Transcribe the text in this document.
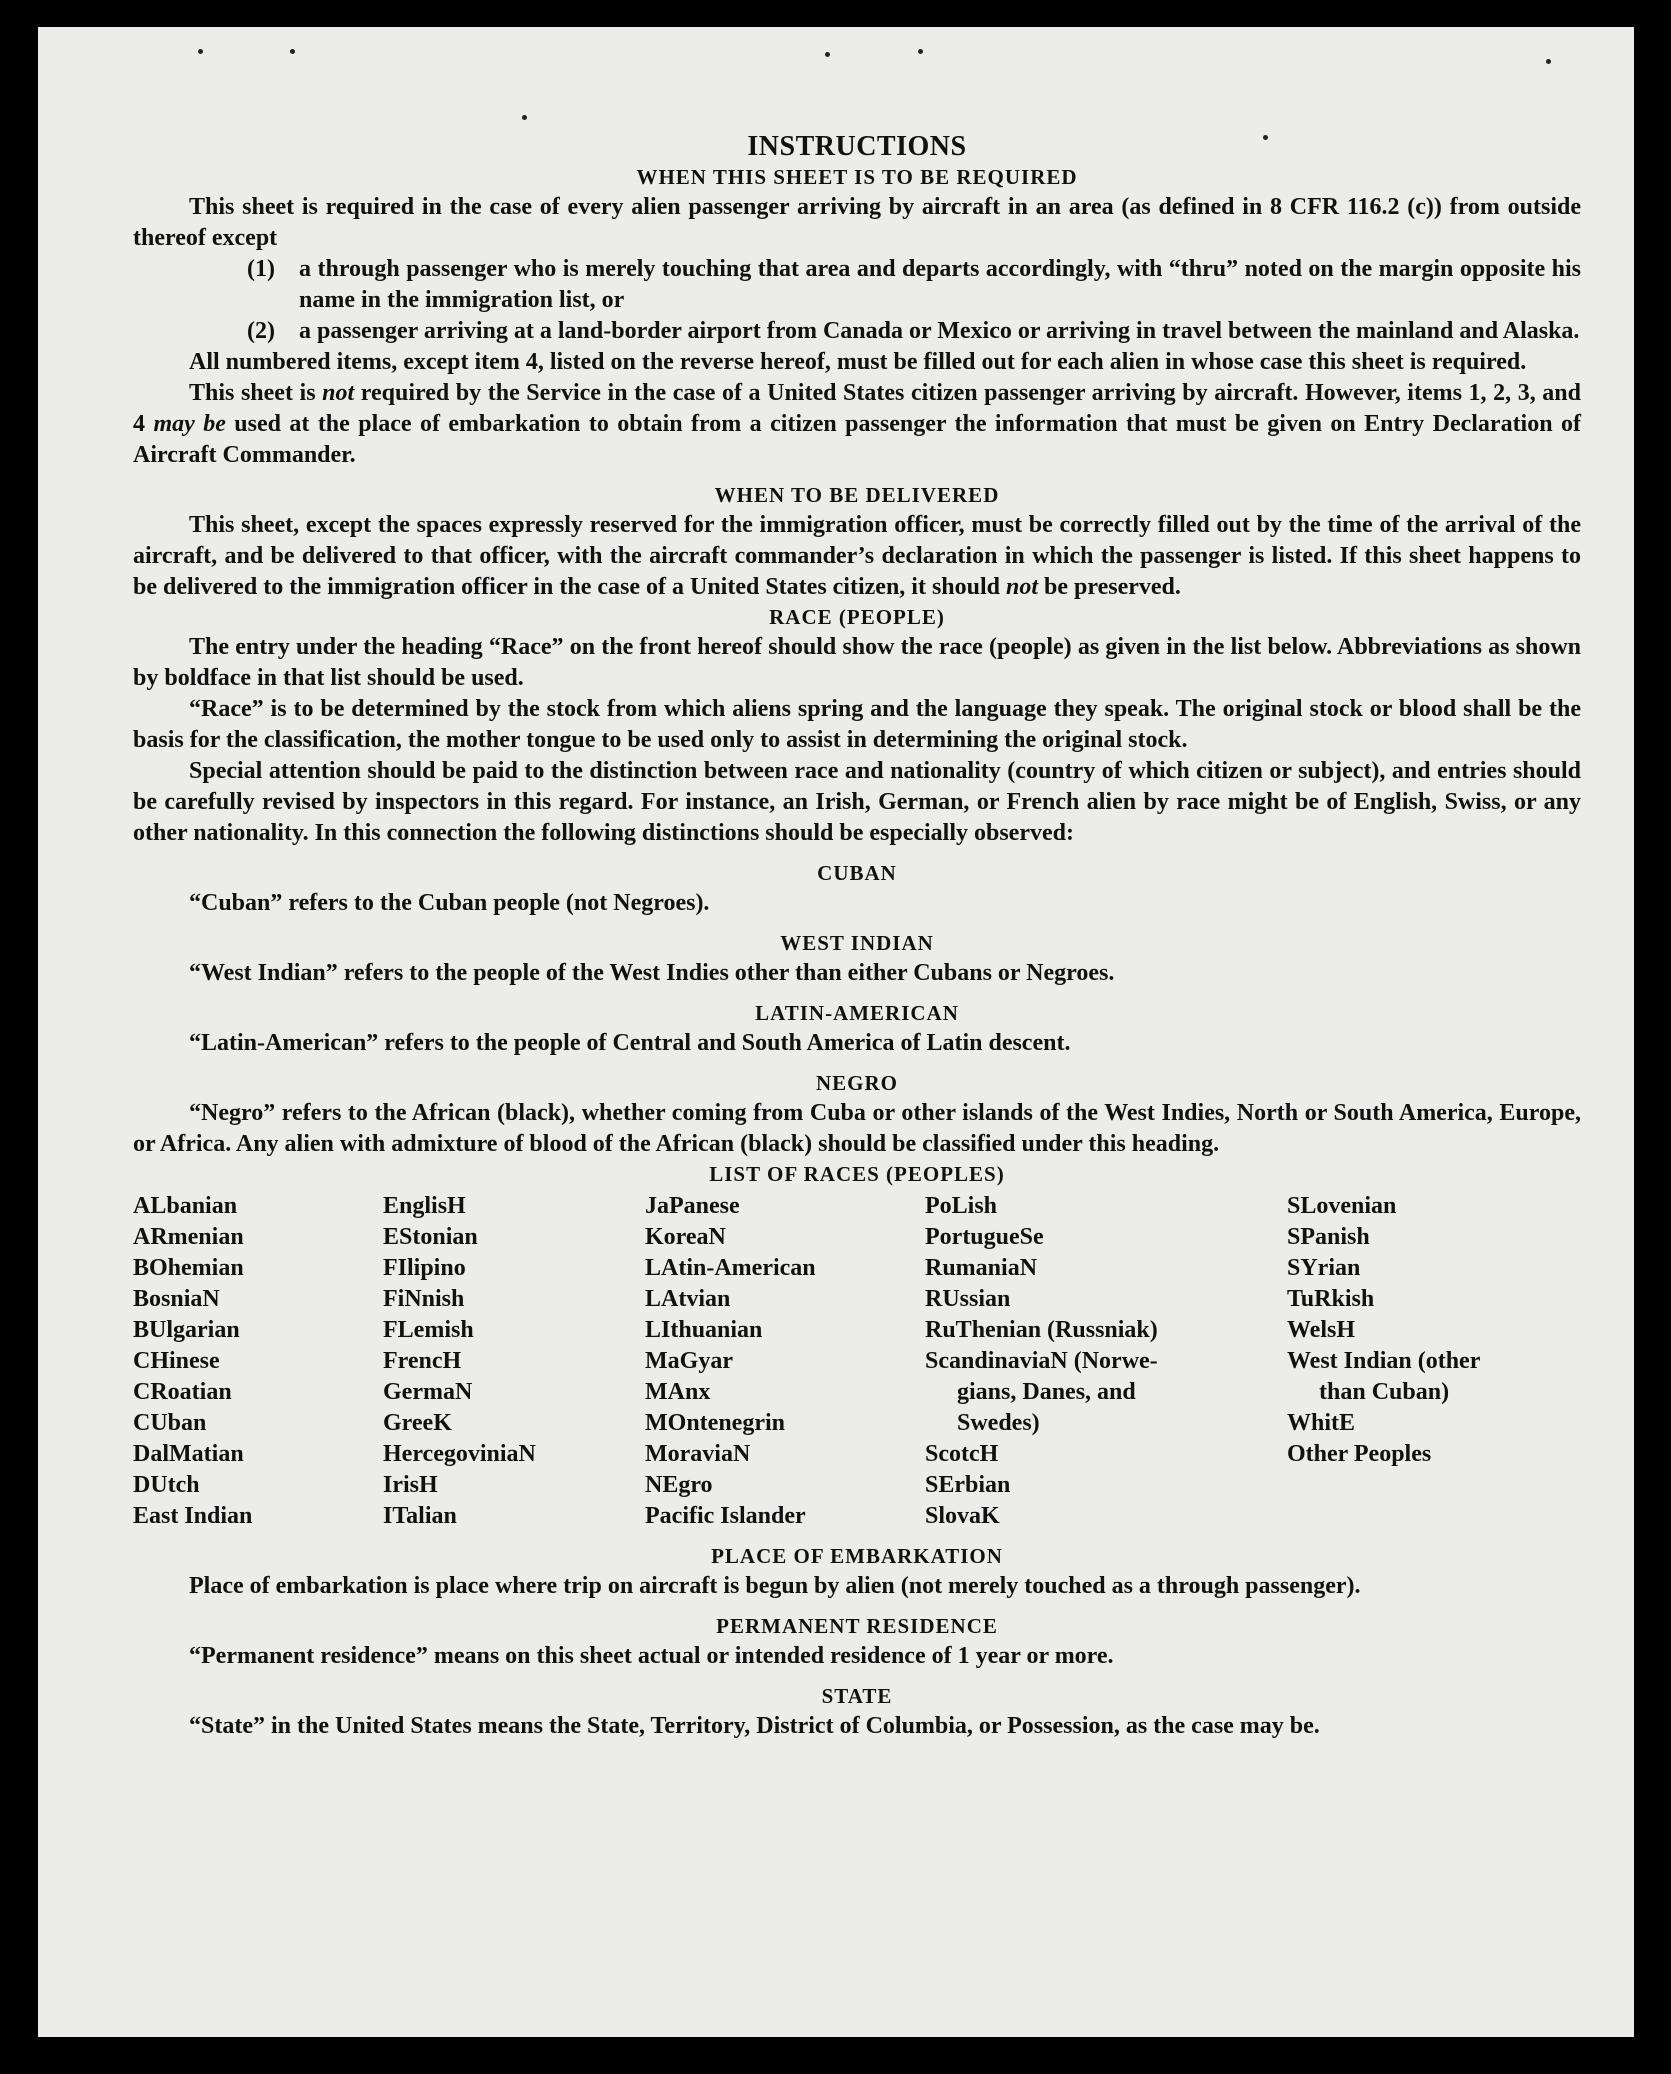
INSTRUCTIONS

WHEN THIS SHEET IS TO BE REQUIRED

This sheet is required in the case of every alien passenger arriving by aircraft in an area (as defined in 8 CFR 116.2 (c)) from outside thereof except

(1)	a through passenger who is merely touching that area and departs accordingly, with “thru” noted on the margin opposite his name in the immigration list, or
(2)	a passenger arriving at a land-border airport from Canada or Mexico or arriving in travel between the mainland and Alaska.

All numbered items, except item 4, listed on the reverse hereof, must be filled out for each alien in whose case this sheet is required.

This sheet is not required by the Service in the case of a United States citizen passenger arriving by aircraft. However, items 1, 2, 3, and 4 may be used at the place of embarkation to obtain from a citizen passenger the information that must be given on Entry Declaration of Aircraft Commander.

WHEN TO BE DELIVERED

This sheet, except the spaces expressly reserved for the immigration officer, must be correctly filled out by the time of the arrival of the aircraft, and be delivered to that officer, with the aircraft commander’s declaration in which the passenger is listed. If this sheet happens to be delivered to the immigration officer in the case of a United States citizen, it should not be preserved.

RACE (PEOPLE)

The entry under the heading “Race” on the front hereof should show the race (people) as given in the list below. Abbreviations as shown by boldface in that list should be used.

“Race” is to be determined by the stock from which aliens spring and the language they speak. The original stock or blood shall be the basis for the classification, the mother tongue to be used only to assist in determining the original stock.

Special attention should be paid to the distinction between race and nationality (country of which citizen or subject), and entries should be carefully revised by inspectors in this regard. For instance, an Irish, German, or French alien by race might be of English, Swiss, or any other nationality. In this connection the following distinctions should be especially observed:

CUBAN

“Cuban” refers to the Cuban people (not Negroes).

WEST INDIAN

“West Indian” refers to the people of the West Indies other than either Cubans or Negroes.

LATIN-AMERICAN

“Latin-American” refers to the people of Central and South America of Latin descent.

NEGRO

“Negro” refers to the African (black), whether coming from Cuba or other islands of the West Indies, North or South America, Europe, or Africa. Any alien with admixture of blood of the African (black) should be classified under this heading.

LIST OF RACES (PEOPLES)

ALbanian
ARmenian
BOhemian
BosniaN
BUlgarian
CHinese
CRoatian
CUban
DalMatian
DUtch
East Indian
EnglisH
EStonian
FIlipino
FiNnish
FLemish
FrencH
GermaN
GreeK
HercegoviniaN
IrisH
ITalian
JaPanese
KoreaN
LAtin-American
LAtvian
LIthuanian
MaGyar
MAnx
MOntenegrin
MoraviaN
NEgro
Pacific Islander
PoLish
PortugueSe
RumaniaN
RUssian
RuThenian (Russniak)
ScandinaviaN (Norwe-
gians, Danes, and
Swedes)
ScotcH
SErbian
SlovaK
SLovenian
SPanish
SYrian
TuRkish
WelsH
West Indian (other
than Cuban)
WhitE
Other Peoples

PLACE OF EMBARKATION

Place of embarkation is place where trip on aircraft is begun by alien (not merely touched as a through passenger).

PERMANENT RESIDENCE

“Permanent residence” means on this sheet actual or intended residence of 1 year or more.

STATE

“State” in the United States means the State, Territory, District of Columbia, or Possession, as the case may be.
